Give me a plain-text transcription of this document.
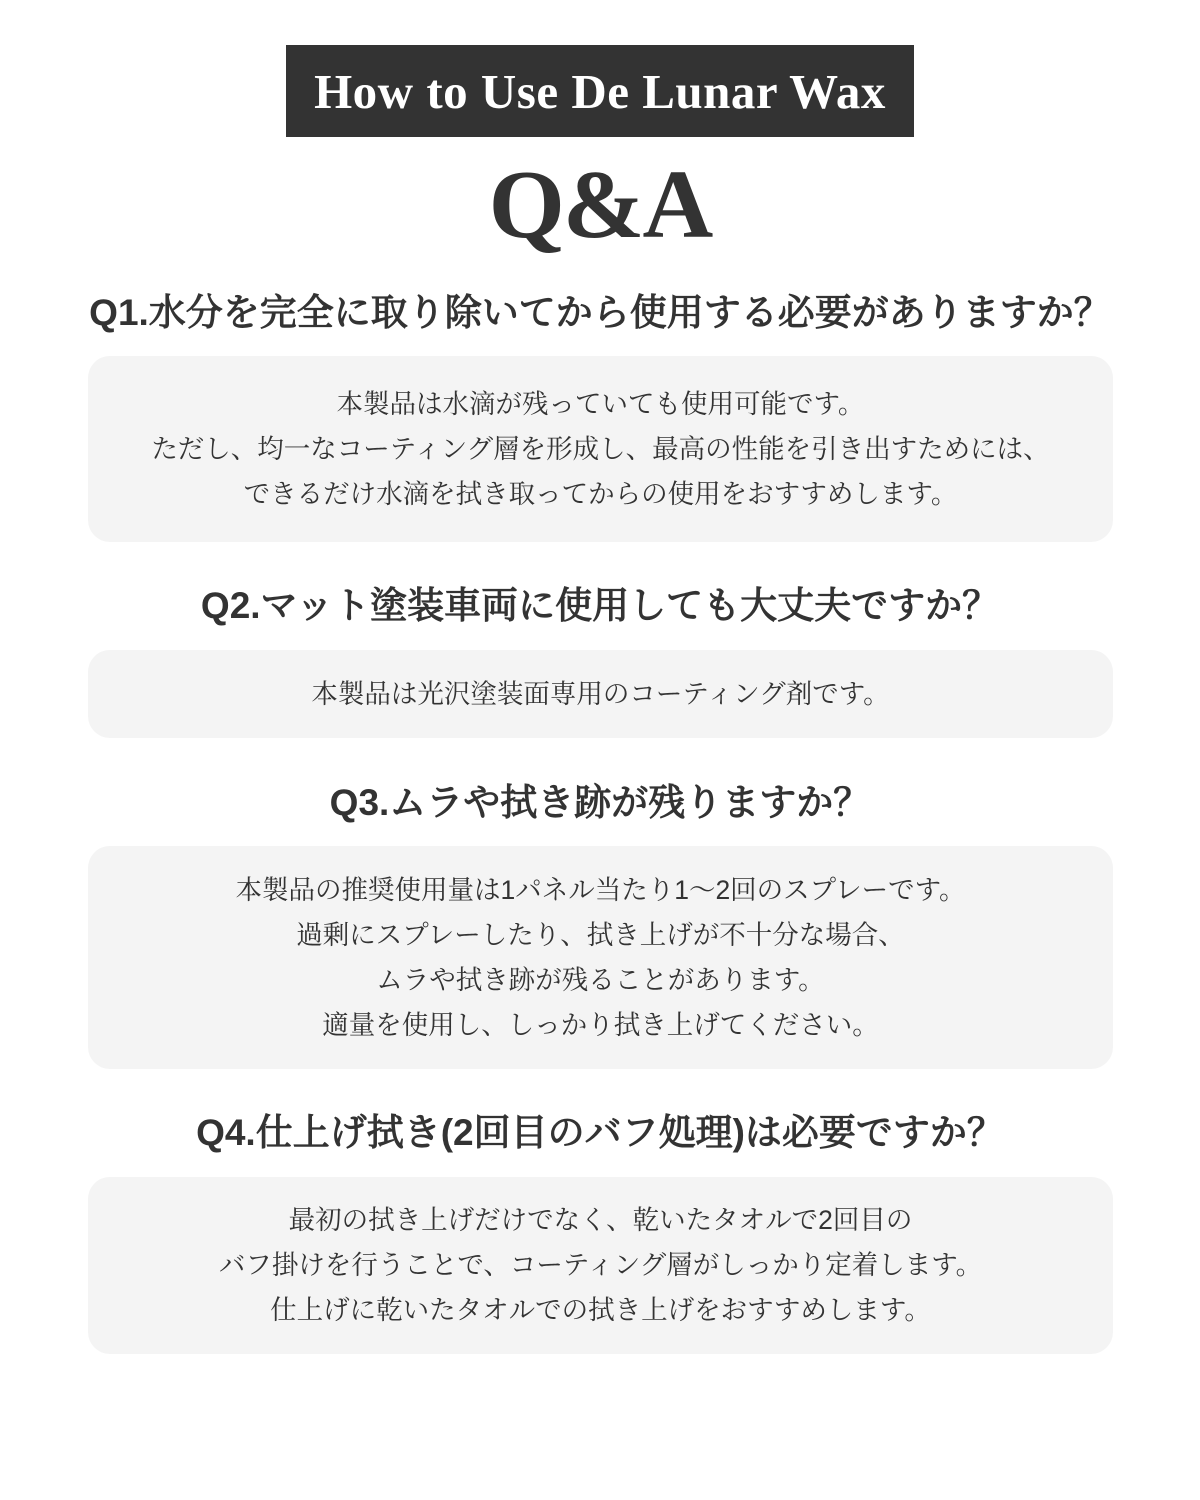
How to Use De Lunar Wax
Q&A
Q1.水分を完全に取り除いてから使用する必要がありますか？
本製品は水滴が残っていても使用可能です。
ただし、均一なコーティング層を形成し、最高の性能を引き出すためには、
できるだけ水滴を拭き取ってからの使用をおすすめします。
Q2.マット塗装車両に使用しても大丈夫ですか？
本製品は光沢塗装面専用のコーティング剤です。
Q3.ムラや拭き跡が残りますか？
本製品の推奨使用量は1パネル当たり1〜2回のスプレーです。
過剰にスプレーしたり、拭き上げが不十分な場合、
ムラや拭き跡が残ることがあります。
適量を使用し、しっかり拭き上げてください。
Q4.仕上げ拭き(2回目のバフ処理)は必要ですか？
最初の拭き上げだけでなく、乾いたタオルで2回目の
バフ掛けを行うことで、コーティング層がしっかり定着します。
仕上げに乾いたタオルでの拭き上げをおすすめします。
